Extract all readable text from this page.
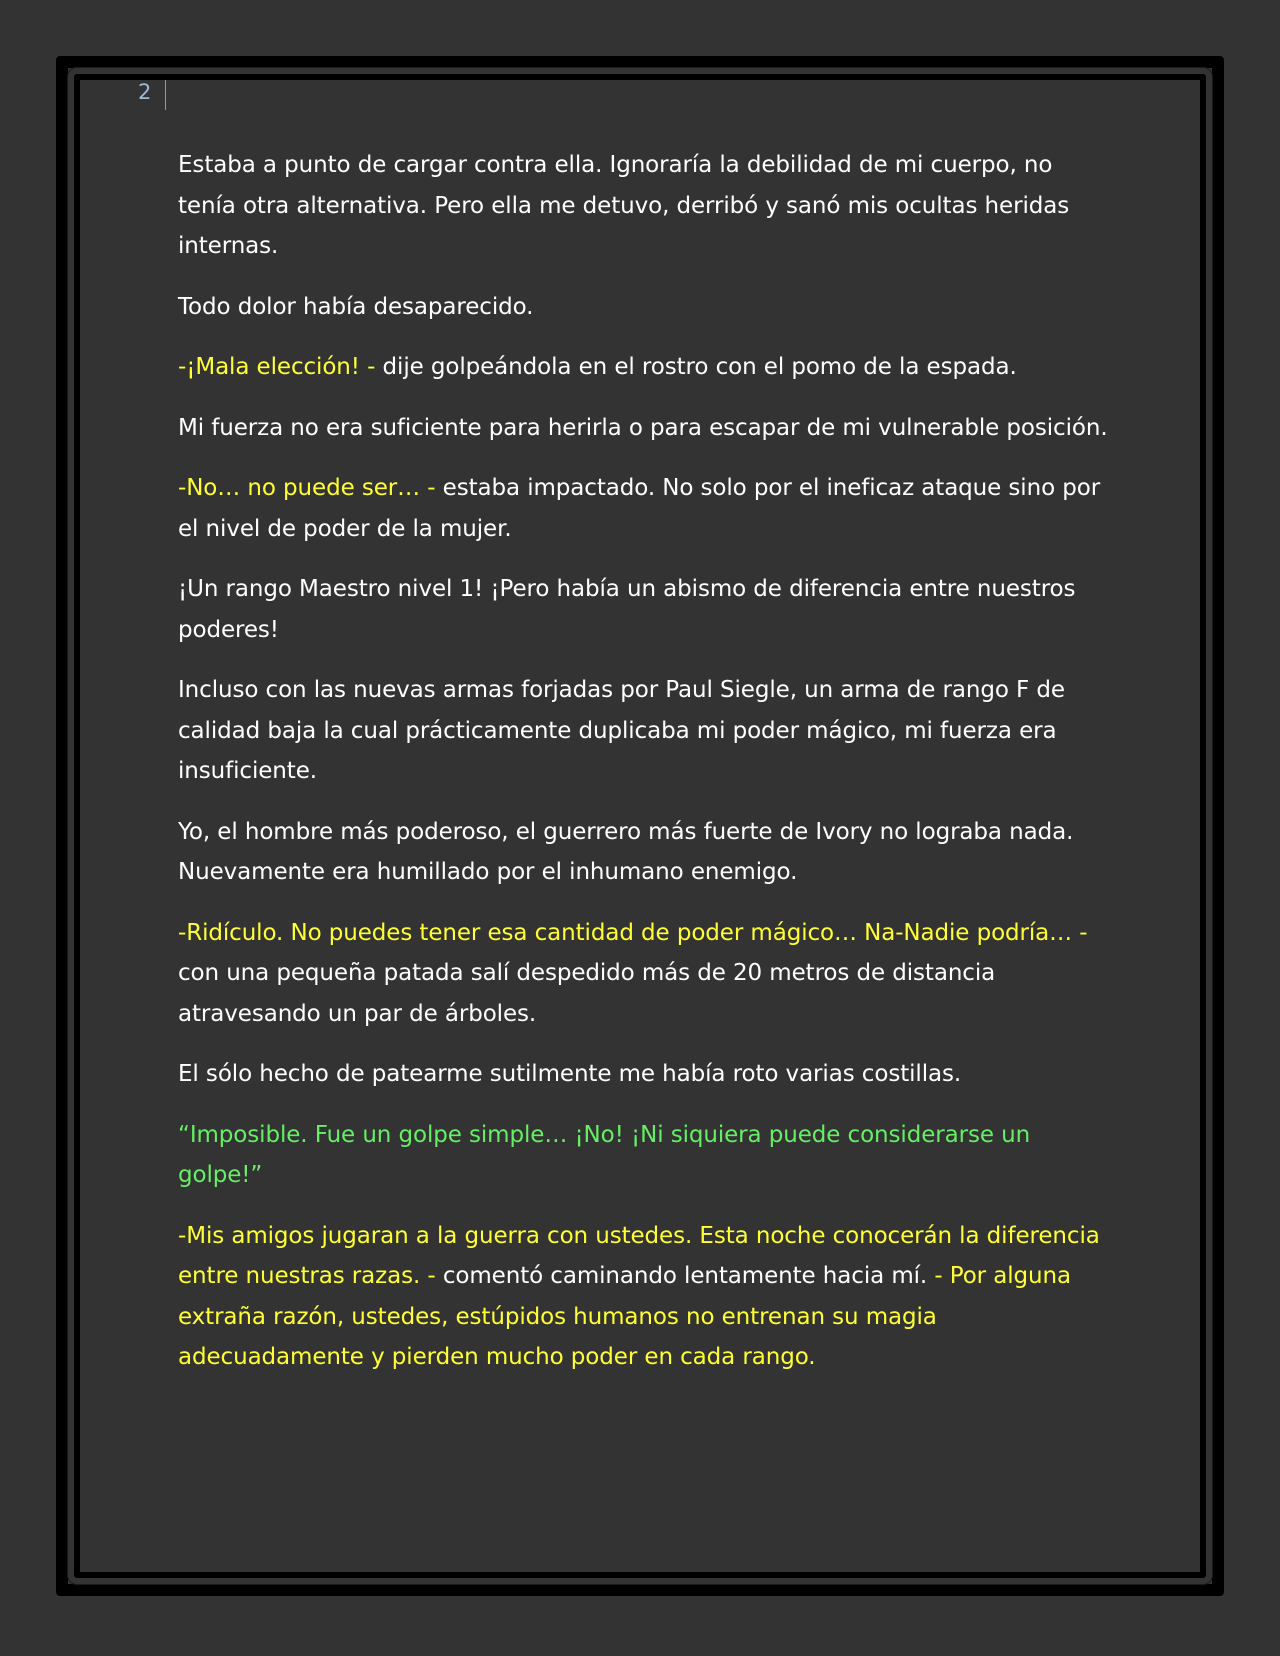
2

Estaba a punto de cargar contra ella. Ignoraría la debilidad de mi cuerpo, no tenía otra alternativa. Pero ella me detuvo, derribó y sanó mis ocultas heridas internas.

Todo dolor había desaparecido.

-¡Mala elección! - dije golpeándola en el rostro con el pomo de la espada.

Mi fuerza no era suficiente para herirla o para escapar de mi vulnerable posición.

-No… no puede ser… - estaba impactado. No solo por el ineficaz ataque sino por el nivel de poder de la mujer.

¡Un rango Maestro nivel 1! ¡Pero había un abismo de diferencia entre nuestros poderes!

Incluso con las nuevas armas forjadas por Paul Siegle, un arma de rango F de calidad baja la cual prácticamente duplicaba mi poder mágico, mi fuerza era insuficiente.

Yo, el hombre más poderoso, el guerrero más fuerte de Ivory no lograba nada. Nuevamente era humillado por el inhumano enemigo.

-Ridículo. No puedes tener esa cantidad de poder mágico… Na-Nadie podría… - con una pequeña patada salí despedido más de 20 metros de distancia atravesando un par de árboles.

El sólo hecho de patearme sutilmente me había roto varias costillas.

“Imposible. Fue un golpe simple… ¡No! ¡Ni siquiera puede considerarse un golpe!”

-Mis amigos jugaran a la guerra con ustedes. Esta noche conocerán la diferencia entre nuestras razas. - comentó caminando lentamente hacia mí. - Por alguna extraña razón, ustedes, estúpidos humanos no entrenan su magia adecuadamente y pierden mucho poder en cada rango.
